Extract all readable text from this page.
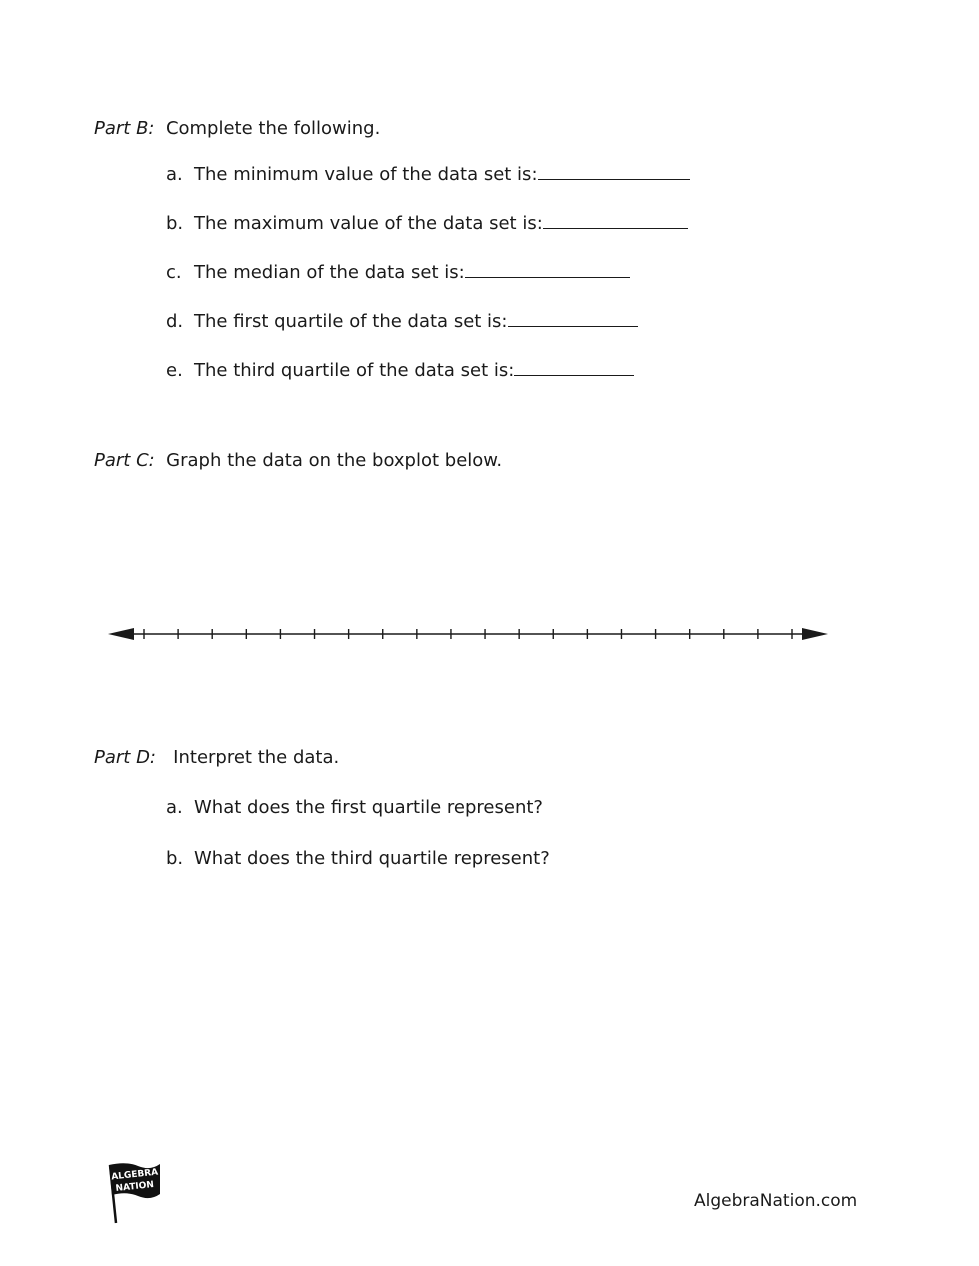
Part B: Complete the following.
a. The minimum value of the data set is:
b. The maximum value of the data set is:
c. The median of the data set is:
d. The first quartile of the data set is:
e. The third quartile of the data set is:
Part C: Graph the data on the boxplot below.
Part D: Interpret the data.
a. What does the first quartile represent?
b. What does the third quartile represent?
ALGEBRA
NATION
AlgebraNation.com
